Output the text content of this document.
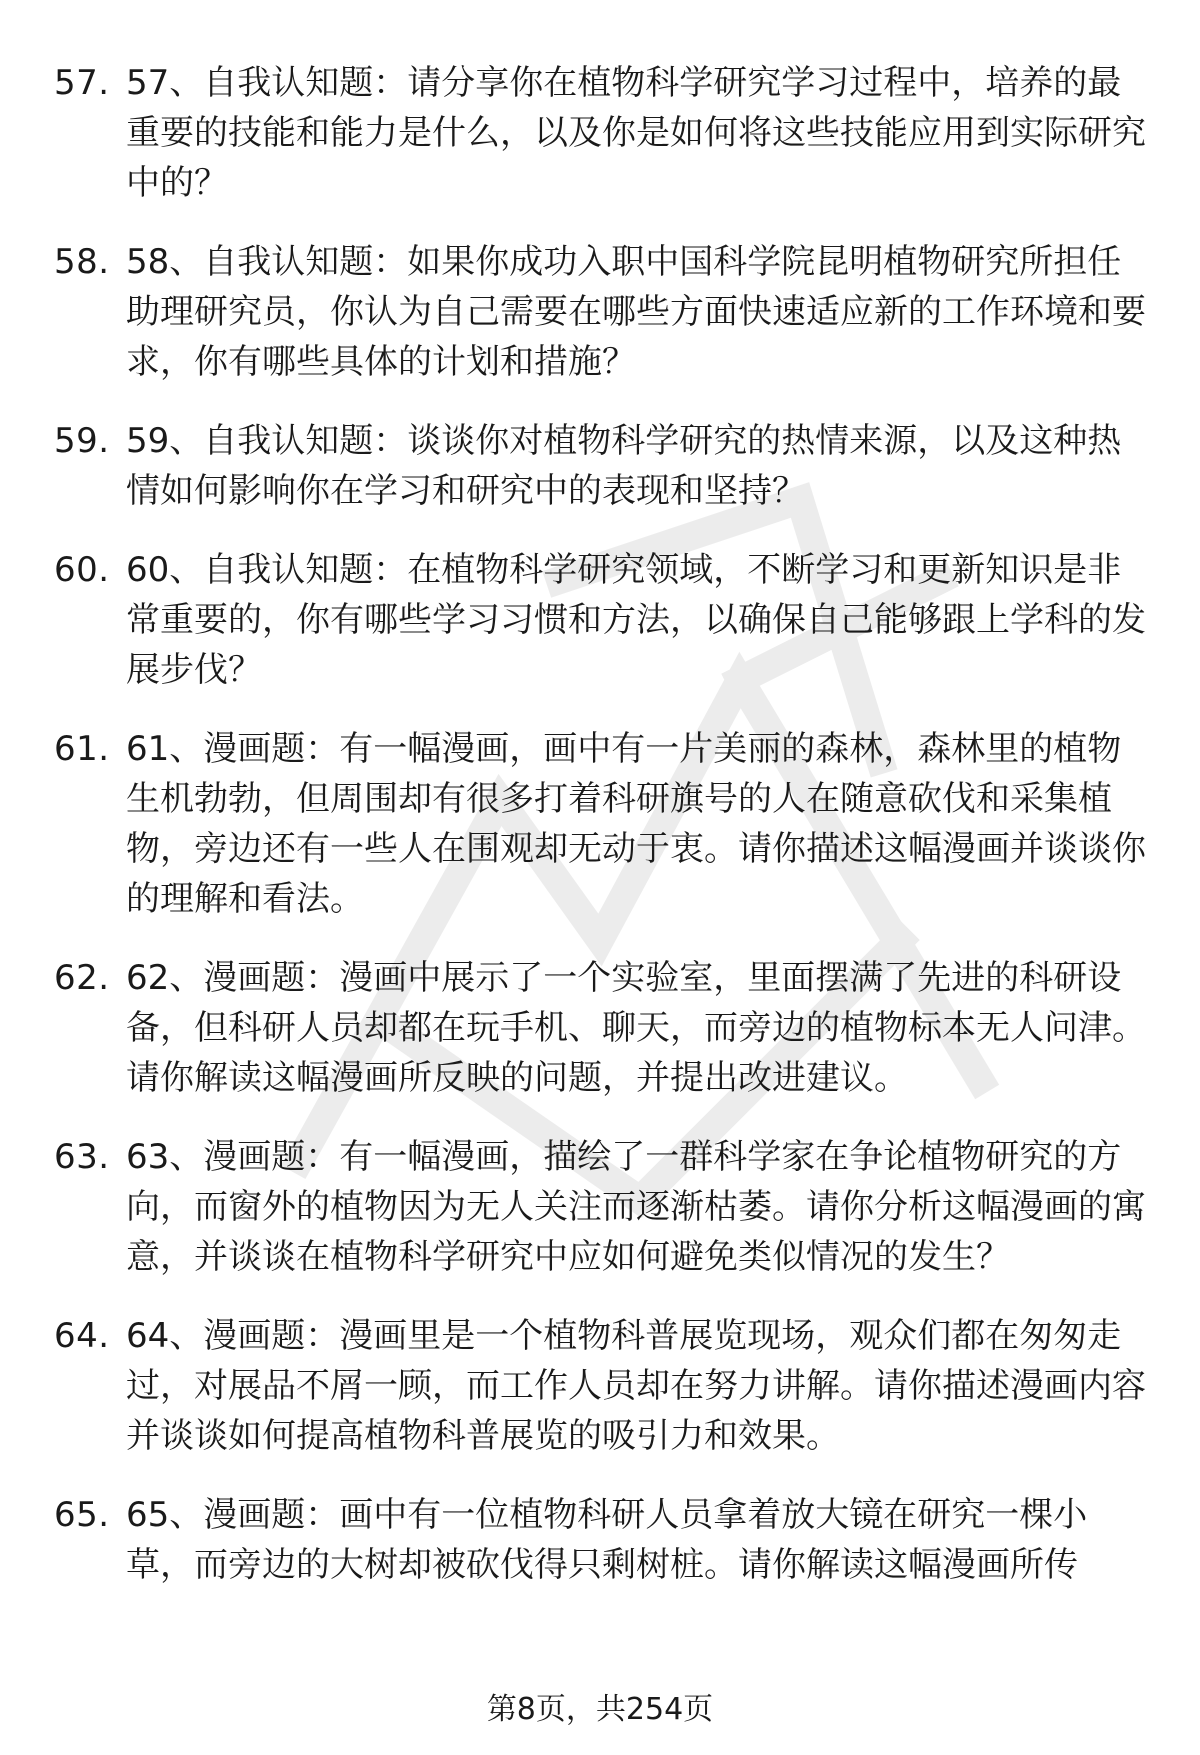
57. 57、自我认知题：请分享你在植物科学研究学习过程中，培养的最重要的技能和能力是什么，以及你是如何将这些技能应用到实际研究中的？
58. 58、自我认知题：如果你成功入职中国科学院昆明植物研究所担任助理研究员，你认为自己需要在哪些方面快速适应新的工作环境和要求，你有哪些具体的计划和措施？
59. 59、自我认知题：谈谈你对植物科学研究的热情来源，以及这种热情如何影响你在学习和研究中的表现和坚持？
60. 60、自我认知题：在植物科学研究领域，不断学习和更新知识是非常重要的，你有哪些学习习惯和方法，以确保自己能够跟上学科的发展步伐？
61. 61、漫画题：有一幅漫画，画中有一片美丽的森林，森林里的植物生机勃勃，但周围却有很多打着科研旗号的人在随意砍伐和采集植物，旁边还有一些人在围观却无动于衷。请你描述这幅漫画并谈谈你的理解和看法。
62. 62、漫画题：漫画中展示了一个实验室，里面摆满了先进的科研设备，但科研人员却都在玩手机、聊天，而旁边的植物标本无人问津。请你解读这幅漫画所反映的问题，并提出改进建议。
63. 63、漫画题：有一幅漫画，描绘了一群科学家在争论植物研究的方向，而窗外的植物因为无人关注而逐渐枯萎。请你分析这幅漫画的寓意，并谈谈在植物科学研究中应如何避免类似情况的发生？
64. 64、漫画题：漫画里是一个植物科普展览现场，观众们都在匆匆走过，对展品不屑一顾，而工作人员却在努力讲解。请你描述漫画内容并谈谈如何提高植物科普展览的吸引力和效果。
65. 65、漫画题：画中有一位植物科研人员拿着放大镜在研究一棵小草，而旁边的大树却被砍伐得只剩树桩。请你解读这幅漫画所传
第8页，共254页
